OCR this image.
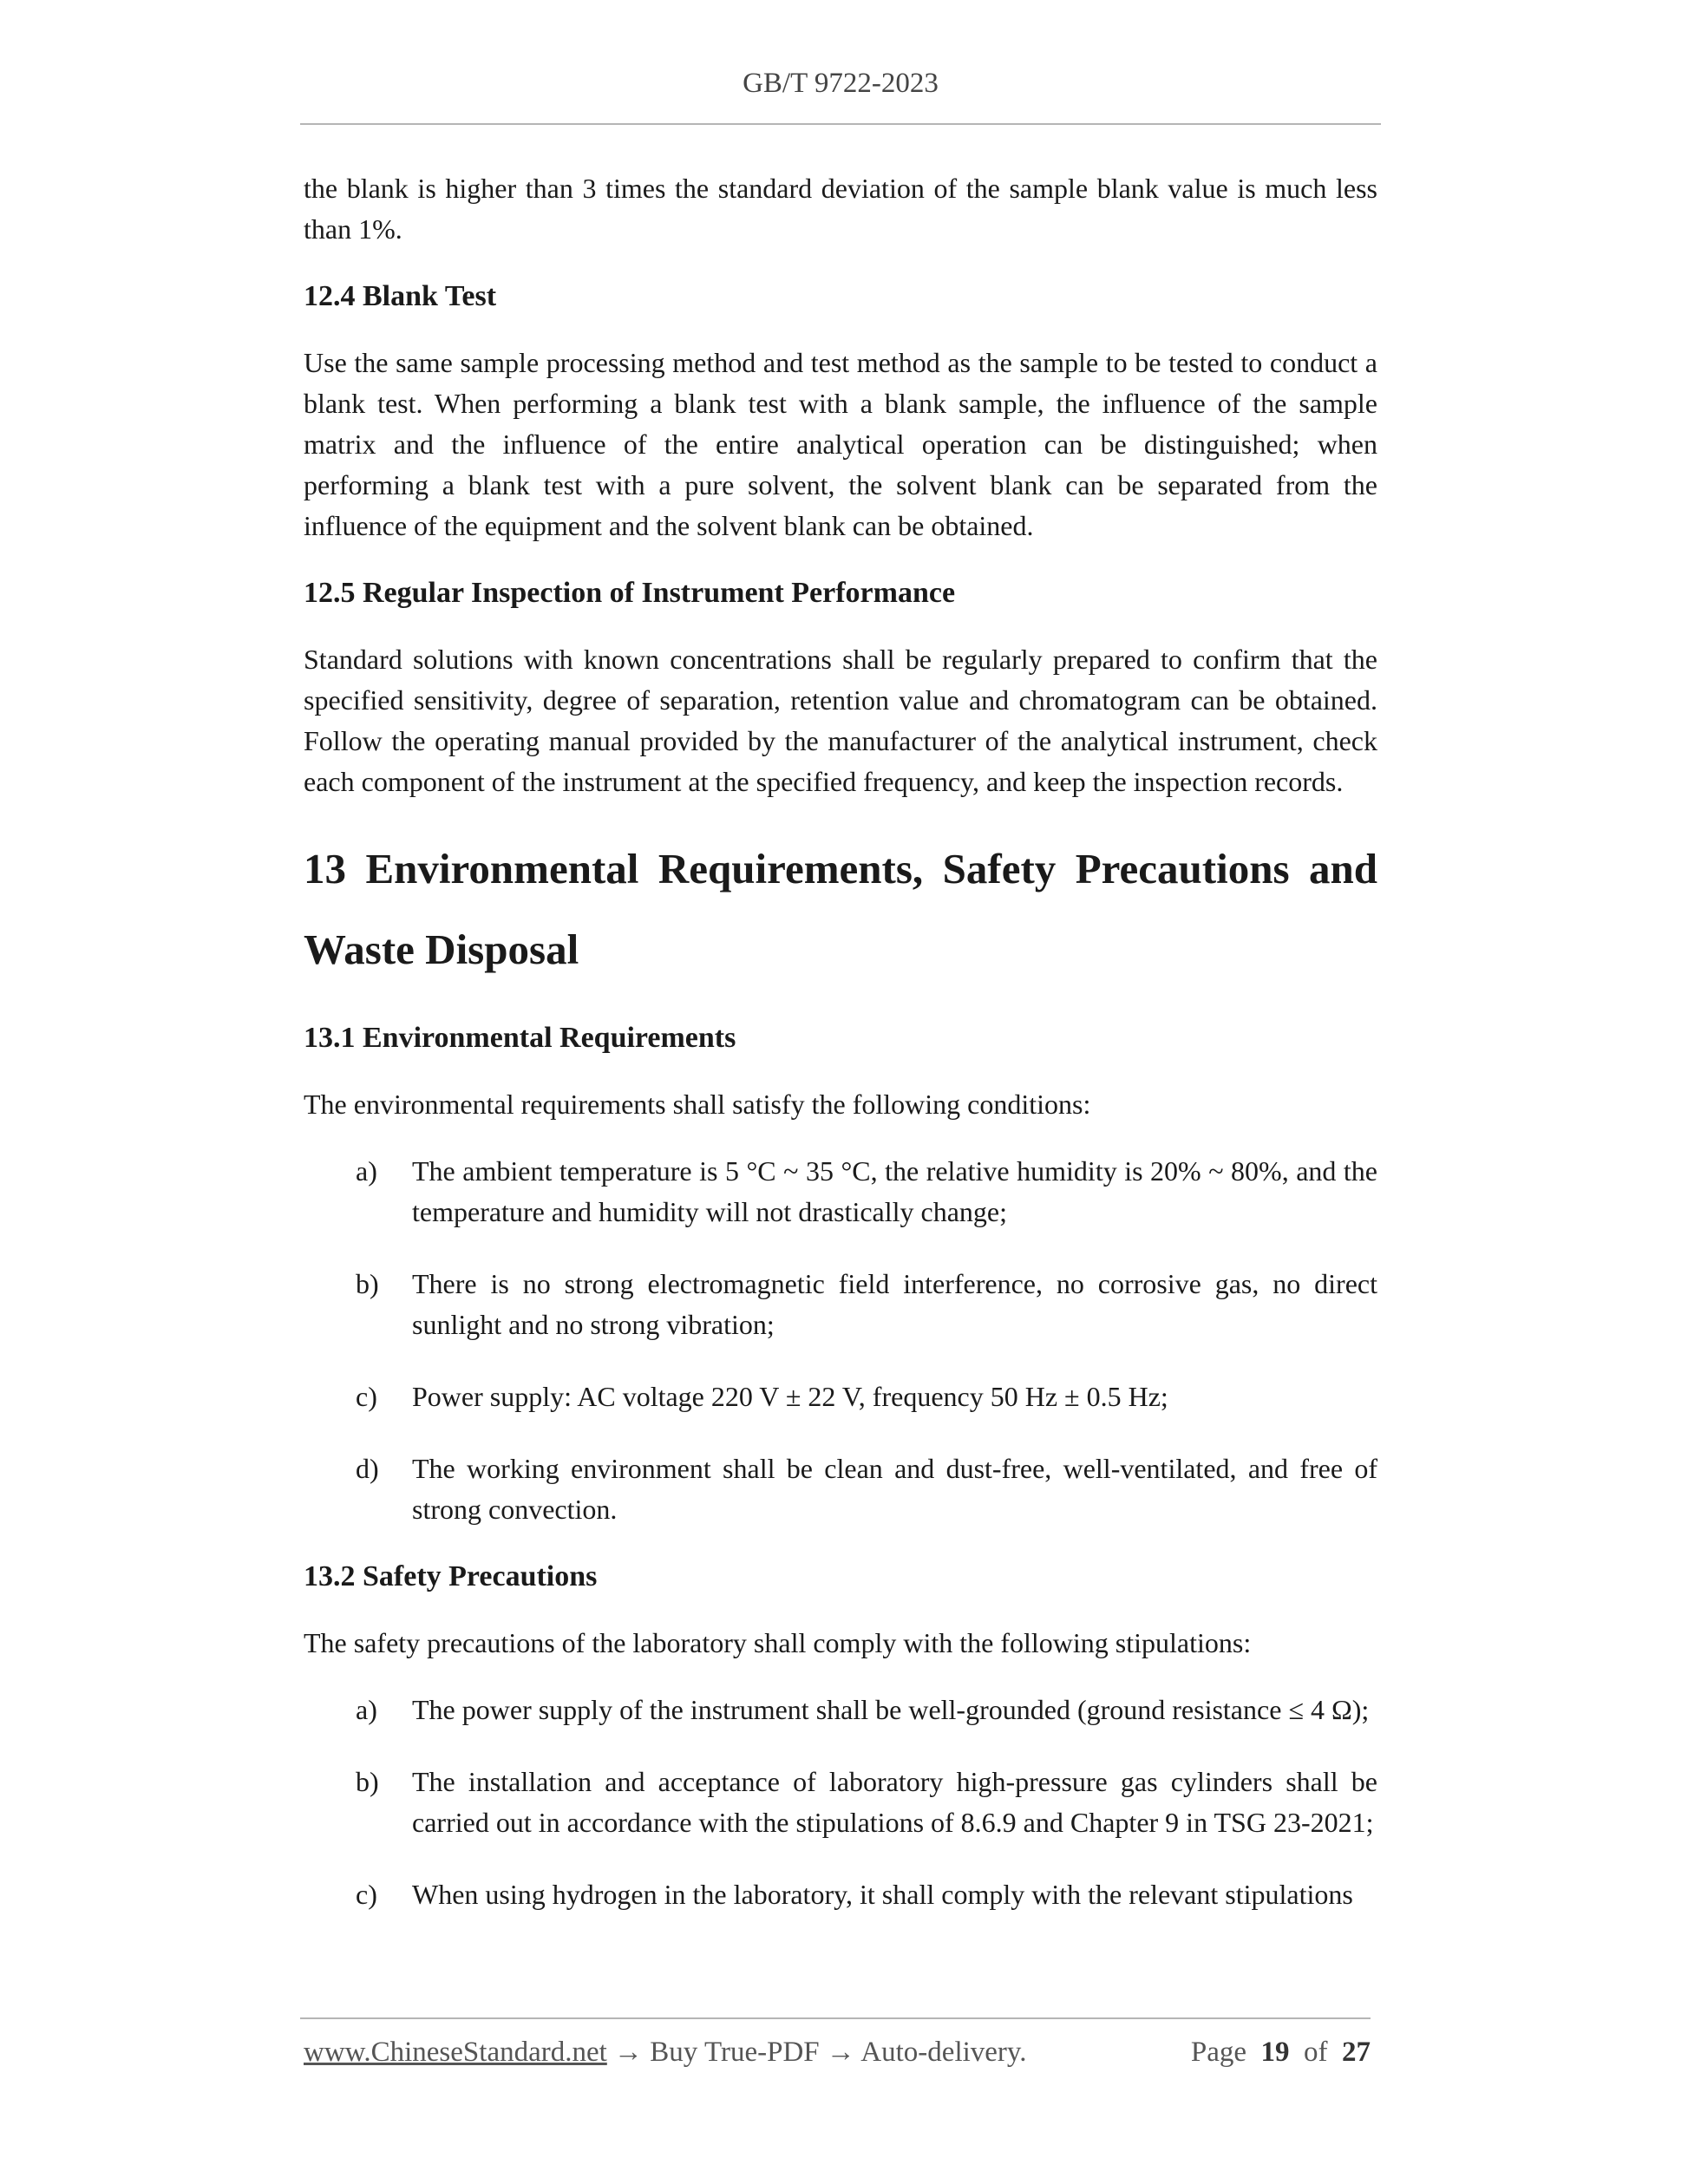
GB/T 9722-2023

the blank is higher than 3 times the standard deviation of the sample blank value is much less than 1%.

12.4 Blank Test

Use the same sample processing method and test method as the sample to be tested to conduct a blank test. When performing a blank test with a blank sample, the influence of the sample matrix and the influence of the entire analytical operation can be distinguished; when performing a blank test with a pure solvent, the solvent blank can be separated from the influence of the equipment and the solvent blank can be obtained.

12.5 Regular Inspection of Instrument Performance

Standard solutions with known concentrations shall be regularly prepared to confirm that the specified sensitivity, degree of separation, retention value and chromatogram can be obtained. Follow the operating manual provided by the manufacturer of the analytical instrument, check each component of the instrument at the specified frequency, and keep the inspection records.

13 Environmental Requirements, Safety Precautions and Waste Disposal
13.1 Environmental Requirements

The environmental requirements shall satisfy the following conditions:

a)	The ambient temperature is 5 °C ~ 35 °C, the relative humidity is 20% ~ 80%, and the temperature and humidity will not drastically change;
b)	There is no strong electromagnetic field interference, no corrosive gas, no direct sunlight and no strong vibration;
c)	Power supply: AC voltage 220 V ± 22 V, frequency 50 Hz ± 0.5 Hz;
d)	The working environment shall be clean and dust-free, well-ventilated, and free of strong convection.
13.2 Safety Precautions

The safety precautions of the laboratory shall comply with the following stipulations:

a)	The power supply of the instrument shall be well-grounded (ground resistance ≤ 4 Ω);
b)	The installation and acceptance of laboratory high-pressure gas cylinders shall be carried out in accordance with the stipulations of 8.6.9 and Chapter 9 in TSG 23-2021;
c)	When using hydrogen in the laboratory, it shall comply with the relevant stipulations
www.ChineseStandard.net → Buy True-PDF → Auto-delivery.	Page 19 of 27
